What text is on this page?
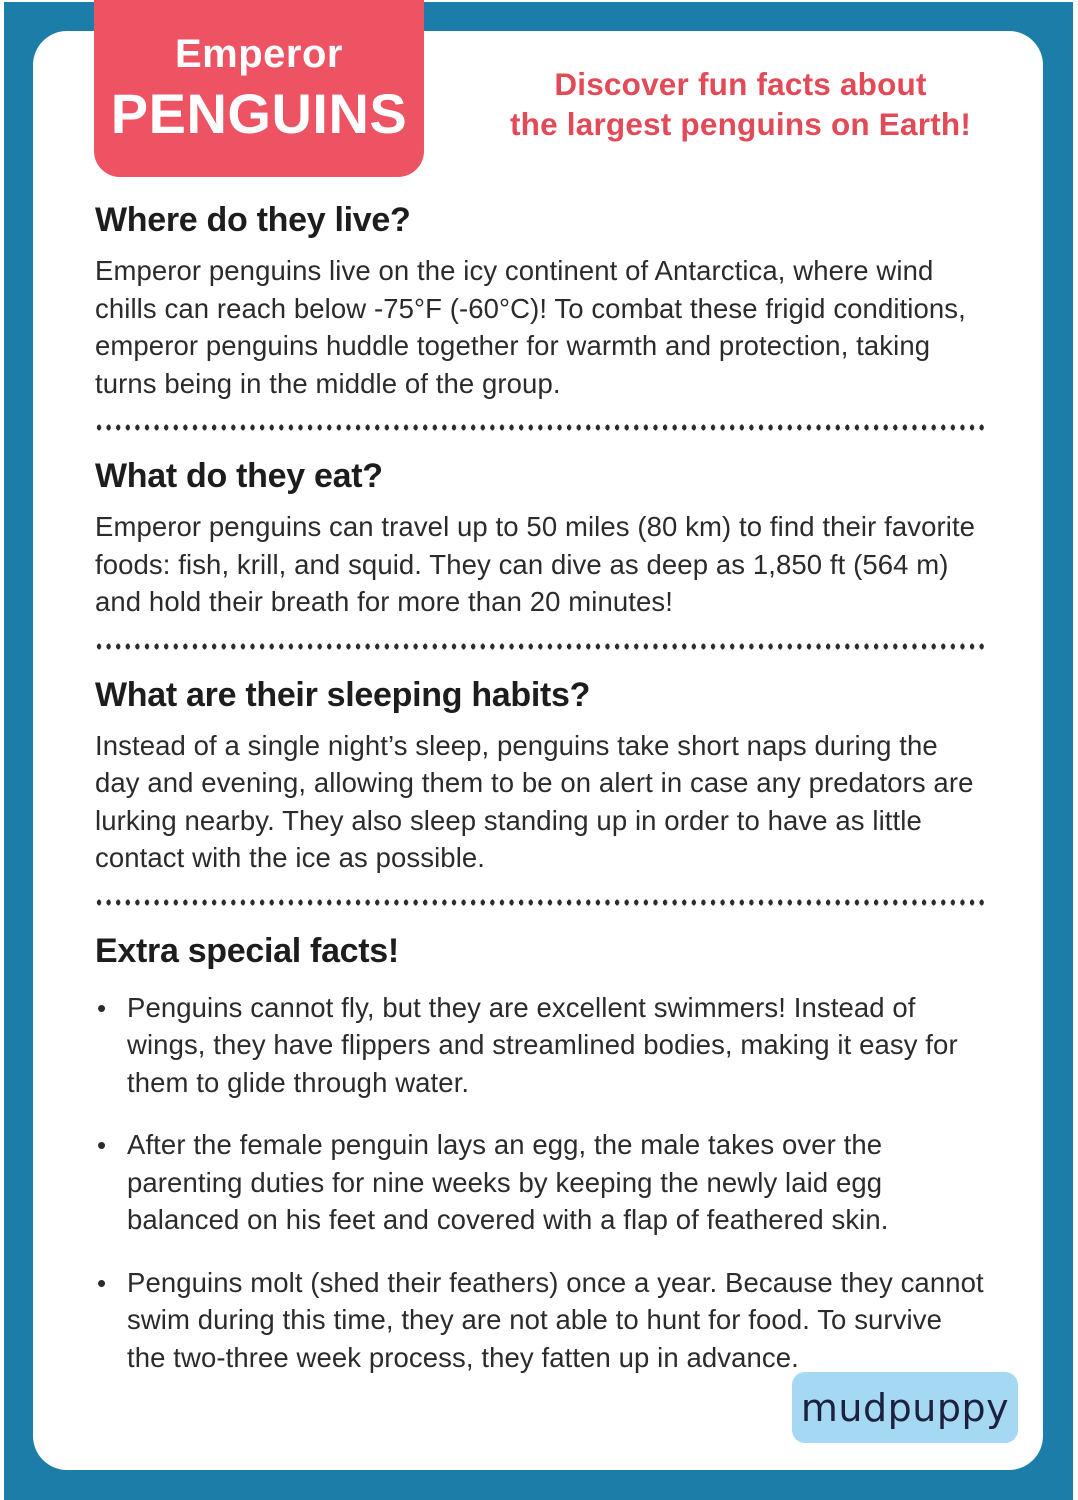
Emperor
PENGUINS	Discover fun facts about
the largest penguins on Earth!
Where do they live?

Emperor penguins live on the icy continent of Antarctica, where wind chills can reach below -75°F (-60°C)! To combat these frigid conditions, emperor penguins huddle together for warmth and protection, taking turns being in the middle of the group.

What do they eat?

Emperor penguins can travel up to 50 miles (80 km) to find their favorite foods: fish, krill, and squid. They can dive as deep as 1,850 ft (564 m) and hold their breath for more than 20 minutes!

What are their sleeping habits?

Instead of a single night’s sleep, penguins take short naps during the day and evening, allowing them to be on alert in case any predators are lurking nearby. They also sleep standing up in order to have as little contact with the ice as possible.

Extra special facts!
• Penguins cannot fly, but they are excellent swimmers! Instead of wings, they have flippers and streamlined bodies, making it easy for them to glide through water.
• After the female penguin lays an egg, the male takes over the parenting duties for nine weeks by keeping the newly laid egg balanced on his feet and covered with a flap of feathered skin.
• Penguins molt (shed their feathers) once a year. Because they cannot swim during this time, they are not able to hunt for food. To survive the two-three week process, they fatten up in advance.
mudpuppy
